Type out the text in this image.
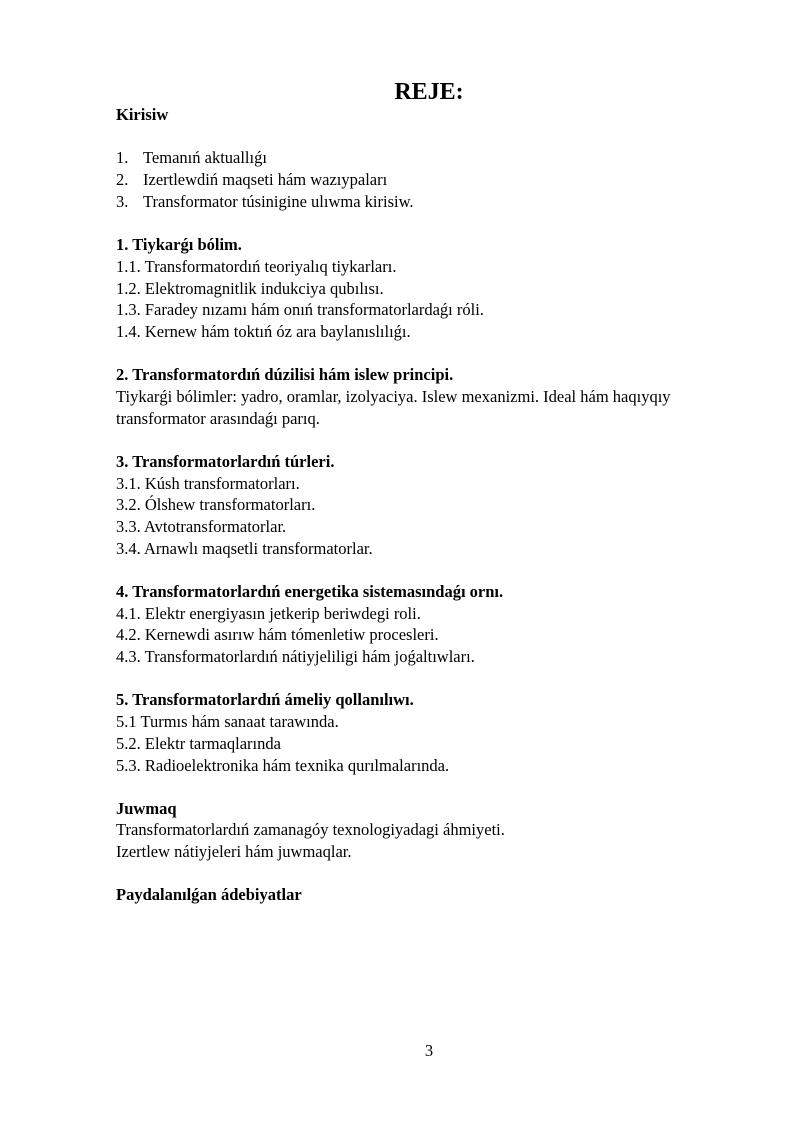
REJE:
Kirisiw
1. Temanıń aktuallıǵı
2. Izertlewdiń maqseti hám wazıypaları
3. Transformator túsinigine ulıwma kirisiw.
1. Tiykarǵı bólim.
1.1. Transformatordıń teoriyalıq tiykarları.
1.2. Elektromagnitlik indukciya qubılısı.
1.3. Faradey nızamı hám onıń transformatorlardaǵı róli.
1.4. Kernew hám toktıń óz ara baylanıslılıǵı.
2. Transformatordıń dúzilisi hám islew principi.

Tiykarǵi bólimler: yadro, oramlar, izolyaciya. Islew mexanizmi. Ideal hám haqıyqıy transformator arasındaǵı parıq.

3. Transformatorlardıń túrleri.
3.1. Kúsh transformatorları.
3.2. Ólshew transformatorları.
3.3. Avtotransformatorlar.
3.4. Arnawlı maqsetli transformatorlar.
4. Transformatorlardıń energetika sistemasındaǵı ornı.
4.1. Elektr energiyasın jetkerip beriwdegi roli.
4.2. Kernewdi asırıw hám tómenletiw procesleri.
4.3. Transformatorlardıń nátiyjeliligi hám joǵaltıwları.
5. Transformatorlardıń ámeliy qollanılıwı.
5.1 Turmıs hám sanaat tarawında.
5.2. Elektr tarmaqlarında
5.3. Radioelektronika hám texnika qurılmalarında.
Juwmaq
Transformatorlardıń zamanagóy texnologiyadagi áhmiyeti.
Izertlew nátiyjeleri hám juwmaqlar.
Paydalanılǵan ádebiyatlar
3
